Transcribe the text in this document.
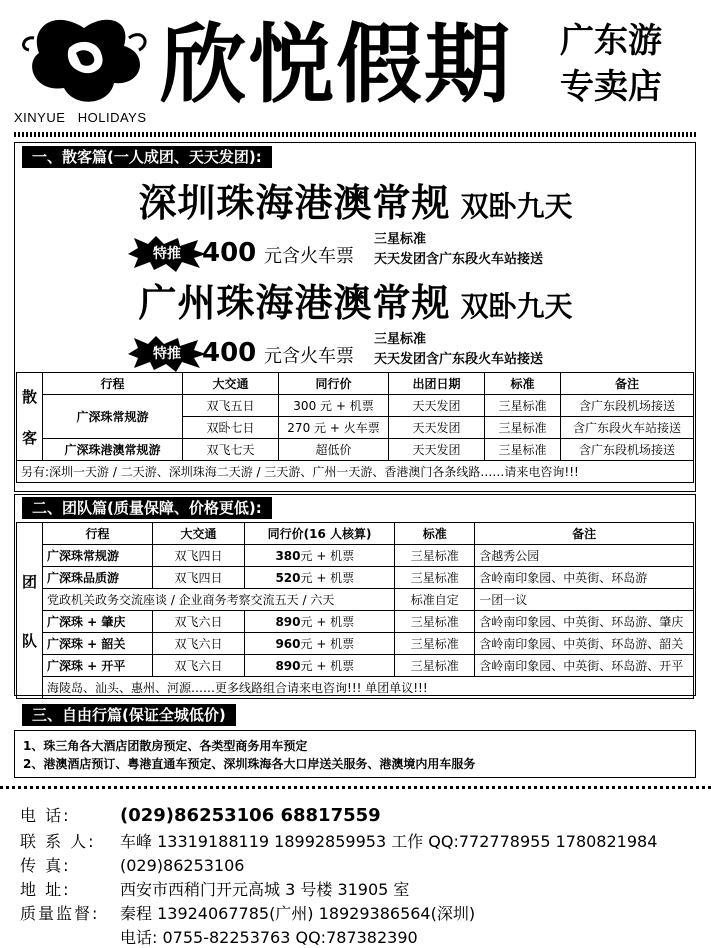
XINYUE   HOLIDAYS
欣悦假期 广东游
专卖店
一、散客篇(一人成团、天天发团):
深圳珠海港澳常规 双卧九天
特推 400 元含火车票
三星标准
天天发团含广东段火车站接送
广州珠海港澳常规 双卧九天
特推 400 元含火车票
三星标准
天天发团含广东段火车站接送
散
客	行程	大交通	同行价	出团日期	标准	备注
	广深珠常规游	双飞五日	300 元 + 机票	天天发团	三星标准	含广东段机场接送
		双卧七日	270 元 + 火车票	天天发团	三星标准	含广东段火车站接送
	广深珠港澳常规游	双飞七天	超低价	天天发团	三星标准	含广东段机场接送
另有:深圳一天游 / 二天游、深圳珠海二天游 / 三天游、广州一天游、香港澳门各条线路……请来电咨询!!!						
二、团队篇(质量保障、价格更低):
团
队	行程	大交通	同行价(16 人核算)		标准	备注
	广深珠常规游	双飞四日	380	元 + 机票	三星标准	含越秀公园
	广深珠品质游	双飞四日	520	元 + 机票	三星标准	含岭南印象园、中英街、环岛游
	党政机关政务交流座谈 / 企业商务考察交流五天 / 六天				标准自定	一团一议
	广深珠 + 肇庆	双飞六日	890	元 + 机票	三星标准	含岭南印象园、中英街、环岛游、肇庆
	广深珠 + 韶关	双飞六日	960	元 + 机票	三星标准	含岭南印象园、中英街、环岛游、韶关
	广深珠 + 开平	双飞六日	890	元 + 机票	三星标准	含岭南印象园、中英街、环岛游、开平
	海陵岛、汕头、惠州、河源……更多线路组合请来电咨询!!! 单团单议!!!					
三、自由行篇(保证全城低价)
1、珠三角各大酒店团散房预定、各类型商务用车预定
2、港澳酒店预订、粤港直通车预定、深圳珠海各大口岸送关服务、港澳境内用车服务
电 话:	(029)86253106 68817559
联 系 人: 车峰 13319188119 18992859953 工作 QQ:772778955 1780821984
传 真:	(029)86253106
地 址:	西安市西稍门开元高城 3 号楼 31905 室
质量监督: 秦程 13924067785(广州) 18929386564(深圳)
电话: 0755-82253763 QQ:787382390
